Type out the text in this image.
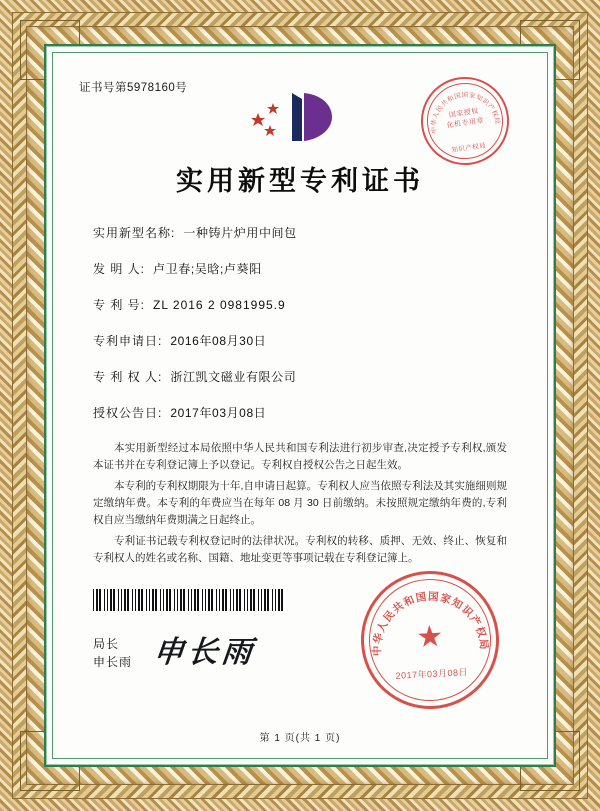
证书号第5978160号
中华人民共和国国家知识产权局
国家授权
化机专用章
知识产权局
实用新型专利证书
实用新型名称: 一种铸片炉用中间包
发 明 人: 卢卫春;吴晗;卢葵阳
专 利 号: ZL 2016 2 0981995.9
专利申请日: 2016年08月30日
专 利 权 人: 浙江凯文磁业有限公司
授权公告日: 2017年03月08日

本实用新型经过本局依照中华人民共和国专利法进行初步审查,决定授予专利权,颁发本证书并在专利登记簿上予以登记。专利权自授权公告之日起生效。

本专利的专利权期限为十年,自申请日起算。专利权人应当依照专利法及其实施细则规定缴纳年费。本专利的年费应当在每年 08 月 30 日前缴纳。未按照规定缴纳年费的,专利权自应当缴纳年费期满之日起终止。

专利证书记载专利权登记时的法律状况。专利权的转移、质押、无效、终止、恢复和专利权人的姓名或名称、国籍、地址变更等事项记载在专利登记簿上。

局长
申长雨 申长雨	中华人民共和国国家知识产权局
★
2017年03月08日
第 1 页(共 1 页)
